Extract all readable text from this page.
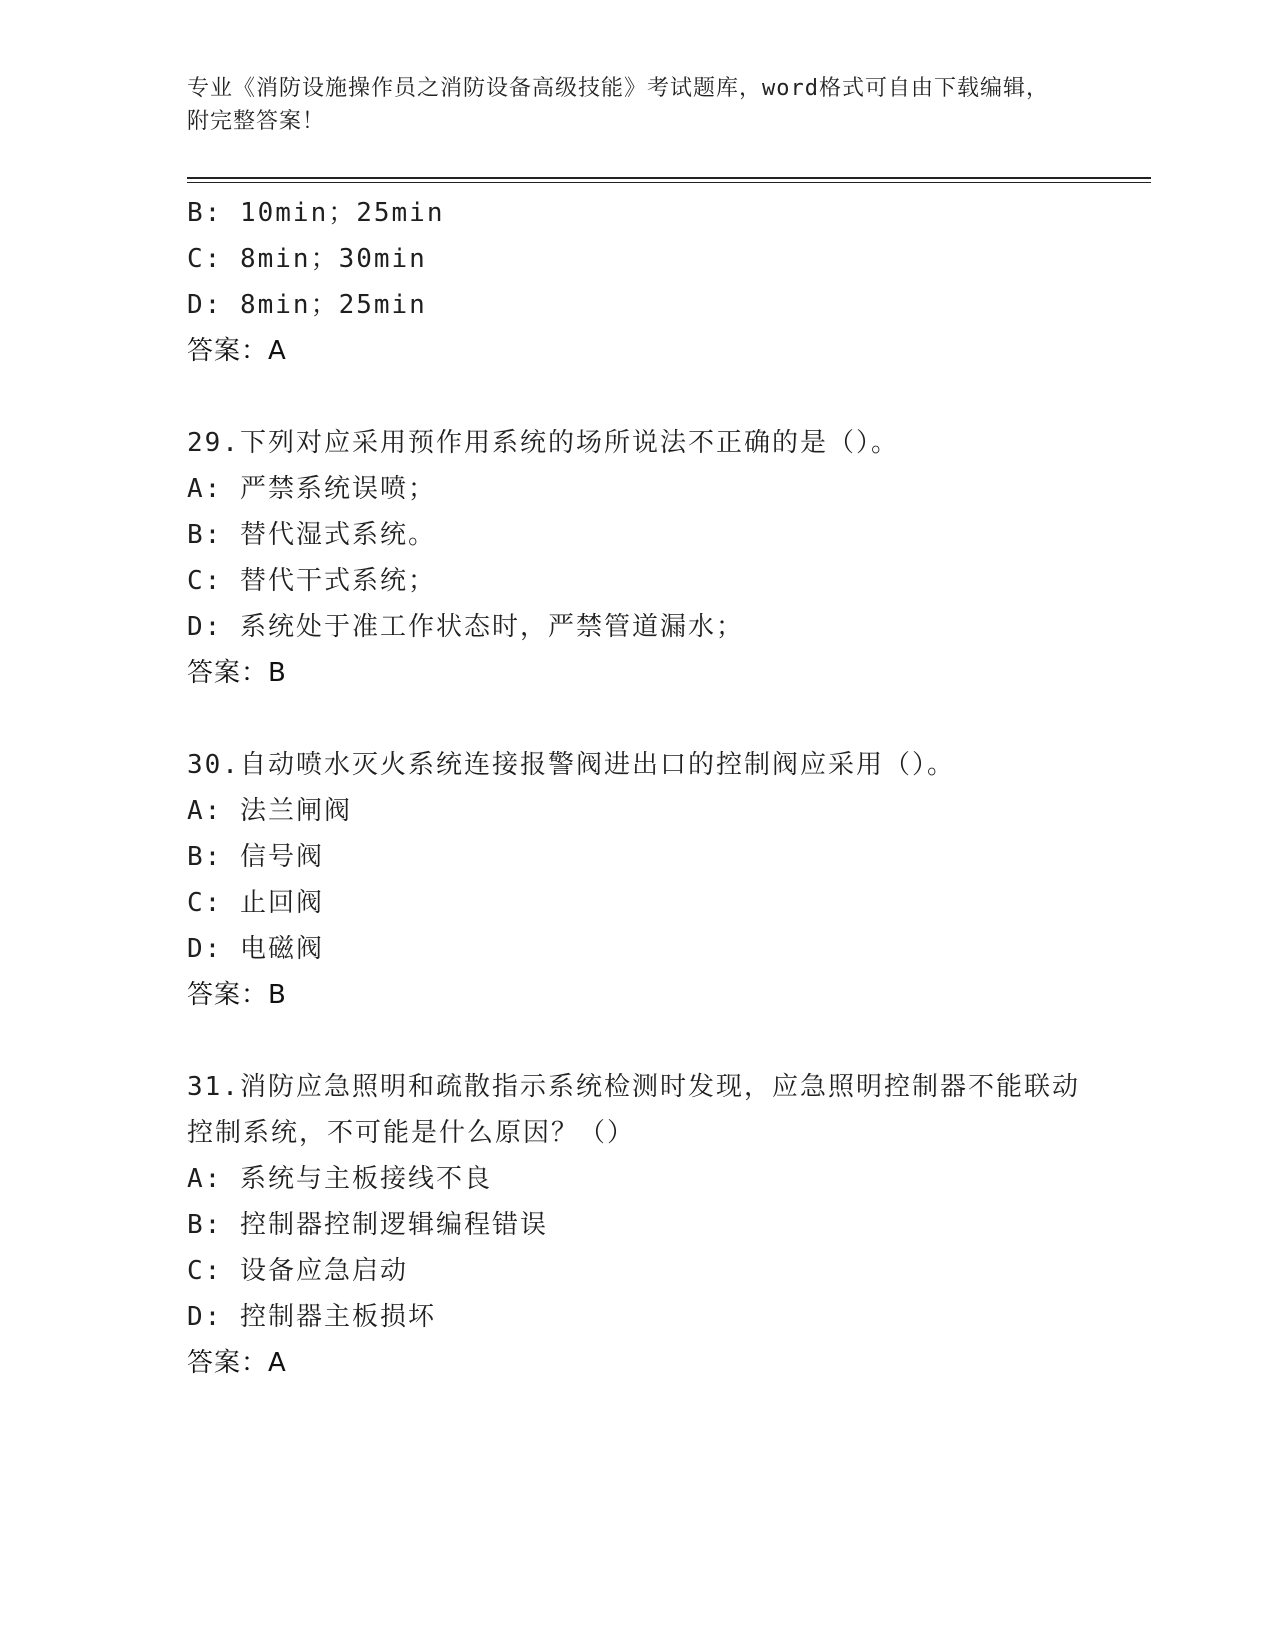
专业《消防设施操作员之消防设备高级技能》考试题库，word格式可自由下载编辑，附完整答案！
B: 10min；25min
C: 8min；30min
D: 8min；25min
答案：A
29.下列对应采用预作用系统的场所说法不正确的是（）。
A: 严禁系统误喷；
B: 替代湿式系统。
C: 替代干式系统；
D: 系统处于准工作状态时，严禁管道漏水；
答案：B
30.自动喷水灭火系统连接报警阀进出口的控制阀应采用（）。
A: 法兰闸阀
B: 信号阀
C: 止回阀
D: 电磁阀
答案：B
31.消防应急照明和疏散指示系统检测时发现，应急照明控制器不能联动控制系统，不可能是什么原因？（）
A: 系统与主板接线不良
B: 控制器控制逻辑编程错误
C: 设备应急启动
D: 控制器主板损坏
答案：A
